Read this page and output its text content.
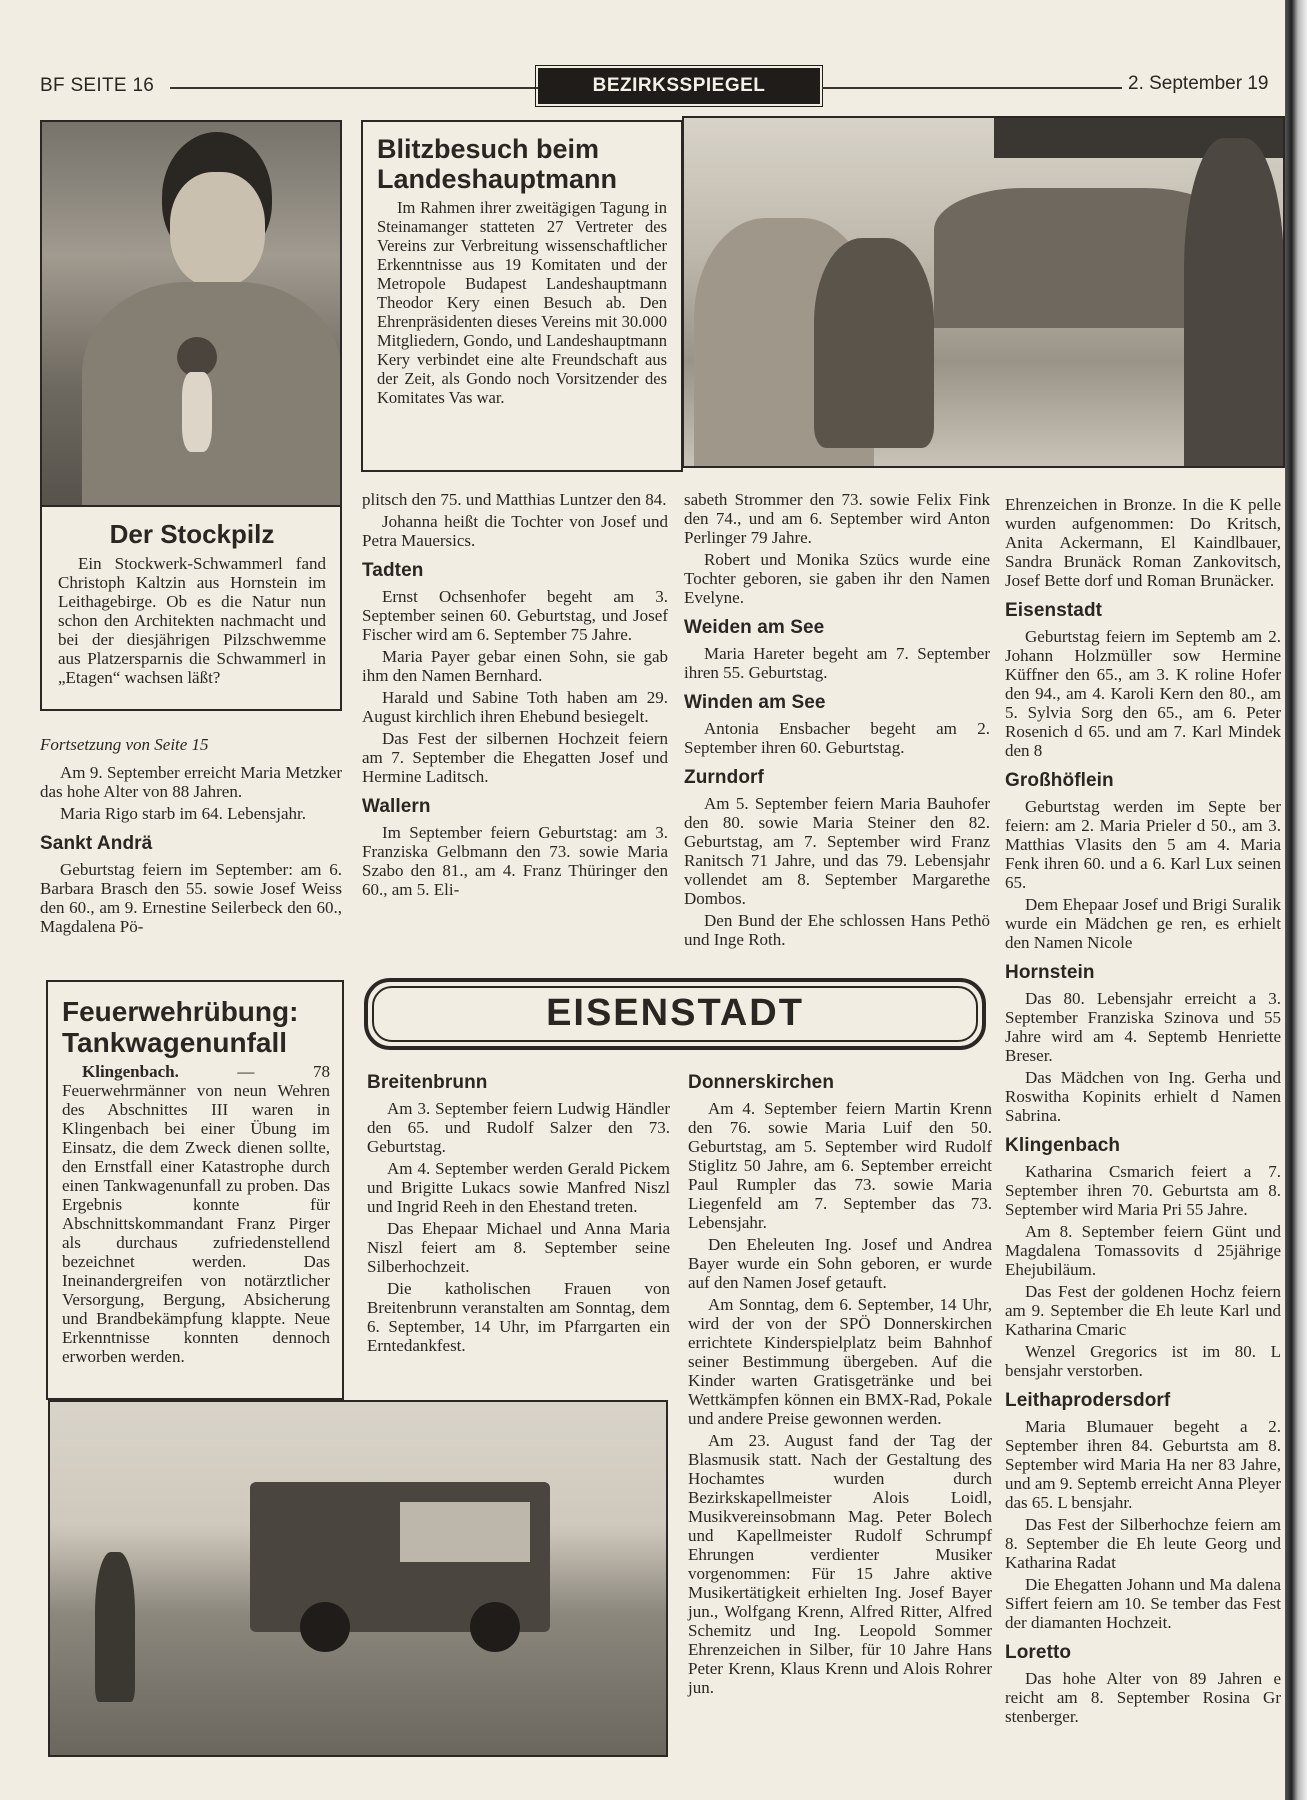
BF SEITE 16	BEZIRKSSPIEGEL	2. September 19
Der Stockpilz
Ein Stockwerk-Schwammerl fand Christoph Kaltzin aus Hornstein im Leithagebirge. Ob es die Natur nun schon den Architekten nachmacht und bei der diesjährigen Pilzschwemme aus Platzersparnis die Schwammerl in „Etagen“ wachsen läßt?
Blitzbesuch beim Landeshauptmann
Im Rahmen ihrer zweitägigen Tagung in Steinamanger statteten 27 Vertreter des Vereins zur Verbreitung wissenschaftlicher Erkenntnisse aus 19 Komitaten und der Metropole Budapest Landeshauptmann Theodor Kery einen Besuch ab. Den Ehrenpräsidenten dieses Vereins mit 30.000 Mitgliedern, Gondo, und Landeshauptmann Kery verbindet eine alte Freundschaft aus der Zeit, als Gondo noch Vorsitzender des Komitates Vas war.

Fortsetzung von Seite 15

Am 9. September erreicht Maria Metzker das hohe Alter von 88 Jahren.

Maria Rigo starb im 64. Lebensjahr.

Sankt Andrä

Geburtstag feiern im September: am 6. Barbara Brasch den 55. sowie Josef Weiss den 60., am 9. Ernestine Seilerbeck den 60., Magdalena Pö-

plitsch den 75. und Matthias Luntzer den 84.

Johanna heißt die Tochter von Josef und Petra Mauersics.

Tadten

Ernst Ochsenhofer begeht am 3. September seinen 60. Geburtstag, und Josef Fischer wird am 6. September 75 Jahre.

Maria Payer gebar einen Sohn, sie gab ihm den Namen Bernhard.

Harald und Sabine Toth haben am 29. August kirchlich ihren Ehebund besiegelt.

Das Fest der silbernen Hochzeit feiern am 7. September die Ehegatten Josef und Hermine Laditsch.

Wallern

Im September feiern Geburtstag: am 3. Franziska Gelbmann den 73. sowie Maria Szabo den 81., am 4. Franz Thüringer den 60., am 5. Eli-

sabeth Strommer den 73. sowie Felix Fink den 74., und am 6. September wird Anton Perlinger 79 Jahre.

Robert und Monika Szücs wurde eine Tochter geboren, sie gaben ihr den Namen Evelyne.

Weiden am See

Maria Hareter begeht am 7. September ihren 55. Geburtstag.

Winden am See

Antonia Ensbacher begeht am 2. September ihren 60. Geburtstag.

Zurndorf

Am 5. September feiern Maria Bauhofer den 80. sowie Maria Steiner den 82. Geburtstag, am 7. September wird Franz Ranitsch 71 Jahre, und das 79. Lebensjahr vollendet am 8. September Margarethe Dombos.

Den Bund der Ehe schlossen Hans Pethö und Inge Roth.

Ehrenzeichen in Bronze. In die K pelle wurden aufgenommen: Do Kritsch, Anita Ackermann, El Kaindlbauer, Sandra Brunäck Roman Zankovitsch, Josef Bette dorf und Roman Brunäcker.

Eisenstadt

Geburtstag feiern im Septemb am 2. Johann Holzmüller sow Hermine Küffner den 65., am 3. K roline Hofer den 94., am 4. Karoli Kern den 80., am 5. Sylvia Sorg den 65., am 6. Peter Rosenich d 65. und am 7. Karl Mindek den 8

Großhöflein

Geburtstag werden im Septe ber feiern: am 2. Maria Prieler d 50., am 3. Matthias Vlasits den 5 am 4. Maria Fenk ihren 60. und a 6. Karl Lux seinen 65.

Dem Ehepaar Josef und Brigi Suralik wurde ein Mädchen ge ren, es erhielt den Namen Nicole

Hornstein

Das 80. Lebensjahr erreicht a 3. September Franziska Szinova und 55 Jahre wird am 4. Septemb Henriette Breser.

Das Mädchen von Ing. Gerha und Roswitha Kopinits erhielt d Namen Sabrina.

Klingenbach

Katharina Csmarich feiert a 7. September ihren 70. Geburtsta am 8. September wird Maria Pri 55 Jahre.

Am 8. September feiern Günt und Magdalena Tomassovits d 25jährige Ehejubiläum.

Das Fest der goldenen Hochz feiern am 9. September die Eh leute Karl und Katharina Cmaric

Wenzel Gregorics ist im 80. L bensjahr verstorben.

Leithaprodersdorf

Maria Blumauer begeht a 2. September ihren 84. Geburtsta am 8. September wird Maria Ha ner 83 Jahre, und am 9. Septemb erreicht Anna Pleyer das 65. L bensjahr.

Das Fest der Silberhochze feiern am 8. September die Eh leute Georg und Katharina Radat

Die Ehegatten Johann und Ma dalena Siffert feiern am 10. Se tember das Fest der diamanten Hochzeit.

Loretto

Das hohe Alter von 89 Jahren e reicht am 8. September Rosina Gr stenberger.

Feuerwehrübung: Tankwagenunfall
Klingenbach.	— 78 Feuerwehrmänner von neun Wehren des Abschnittes III waren in Klingenbach bei einer Übung im Einsatz, die dem Zweck dienen sollte, den Ernstfall einer Katastrophe durch einen Tankwagenunfall zu proben. Das Ergebnis konnte für Abschnittskommandant Franz Pirger als durchaus zufriedenstellend bezeichnet werden. Das Ineinandergreifen von notärztlicher Versorgung, Bergung, Absicherung und Brandbekämpfung klappte. Neue Erkenntnisse konnten dennoch erworben werden.
EISENSTADT
Breitenbrunn

Am 3. September feiern Ludwig Händler den 65. und Rudolf Salzer den 73. Geburtstag.

Am 4. September werden Gerald Pickem und Brigitte Lukacs sowie Manfred Niszl und Ingrid Reeh in den Ehestand treten.

Das Ehepaar Michael und Anna Maria Niszl feiert am 8. September seine Silberhochzeit.

Die katholischen Frauen von Breitenbrunn veranstalten am Sonntag, dem 6. September, 14 Uhr, im Pfarrgarten ein Erntedankfest.

Donnerskirchen

Am 4. September feiern Martin Krenn den 76. sowie Maria Luif den 50. Geburtstag, am 5. September wird Rudolf Stiglitz 50 Jahre, am 6. September erreicht Paul Rumpler das 73. sowie Maria Liegenfeld am 7. September das 73. Lebensjahr.

Den Eheleuten Ing. Josef und Andrea Bayer wurde ein Sohn geboren, er wurde auf den Namen Josef getauft.

Am Sonntag, dem 6. September, 14 Uhr, wird der von der SPÖ Donnerskirchen errichtete Kinderspielplatz beim Bahnhof seiner Bestimmung übergeben. Auf die Kinder warten Gratisgetränke und bei Wettkämpfen können ein BMX-Rad, Pokale und andere Preise gewonnen werden.

Am 23. August fand der Tag der Blasmusik statt. Nach der Gestaltung des Hochamtes wurden durch Bezirkskapellmeister Alois Loidl, Musikvereinsobmann Mag. Peter Bolech und Kapellmeister Rudolf Schrumpf Ehrungen verdienter Musiker vorgenommen: Für 15 Jahre aktive Musikertätigkeit erhielten Ing. Josef Bayer jun., Wolfgang Krenn, Alfred Ritter, Alfred Schemitz und Ing. Leopold Sommer Ehrenzeichen in Silber, für 10 Jahre Hans Peter Krenn, Klaus Krenn und Alois Rohrer jun.
